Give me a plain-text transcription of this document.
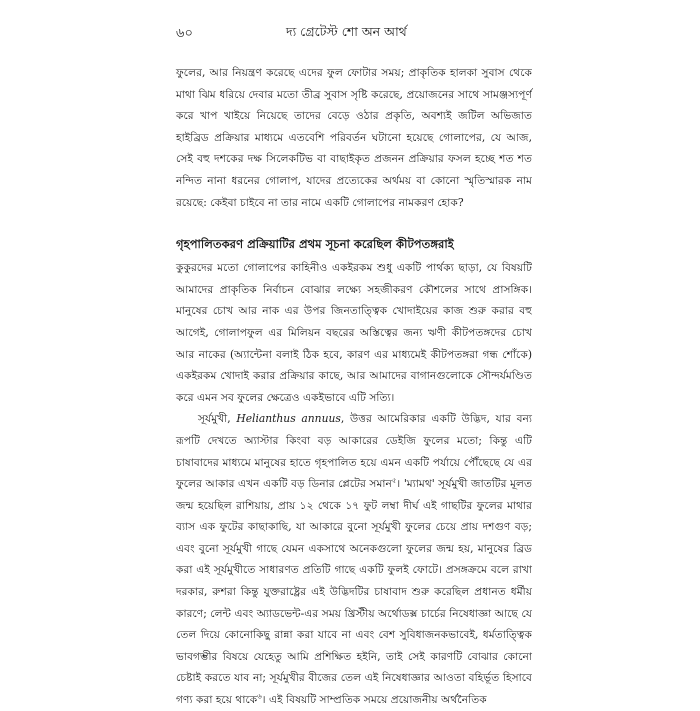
৬০	দ্য গ্রেটেস্ট শো অন আর্থ

ফুলের, আর নিয়ন্ত্রণ করেছে এদের ফুল ফোটার সময়; প্রাকৃতিক হালকা সুবাস থেকে মাথা ঝিম ধরিয়ে দেবার মতো তীব্র সুবাস সৃষ্টি করেছে, প্রয়োজনের সাথে সামঞ্জস্যপূর্ণ করে খাপ খাইয়ে নিয়েছে তাদের বেড়ে ওঠার প্রকৃতি, অবশ্যই জটিল অভিজাত হাইব্রিড প্রক্রিয়ার মাধ্যমে এতবেশি পরিবর্তন ঘটানো হয়েছে গোলাপের, যে আজ, সেই বহু দশকের দক্ষ সিলেকটিভ বা বাছাইকৃত প্রজনন প্রক্রিয়ার ফসল হচ্ছে শত শত নন্দিত নানা ধরনের গোলাপ, যাদের প্রত্যেকের অর্থময় বা কোনো স্মৃতিস্মারক নাম রয়েছে: কেইবা চাইবে না তার নামে একটি গোলাপের নামকরণ হোক?

গৃহপালিতকরণ প্রক্রিয়াটির প্রথম সূচনা করেছিল কীটপতঙ্গরাই

কুকুরদের মতো গোলাপের কাহিনীও একইরকম শুধু একটি পার্থক্য ছাড়া, যে বিষয়টি আমাদের প্রাকৃতিক নির্বাচন বোঝার লক্ষ্যে সহজীকরণ কৌশলের সাথে প্রাসঙ্গিক। মানুষের চোখ আর নাক এর উপর জিনতাত্ত্বিক খোদাইয়ের কাজ শুরু করার বহু আগেই, গোলাপফুল এর মিলিয়ন বছরের অস্তিত্বের জন্য ঋণী কীটপতঙ্গদের চোখ আর নাকের (অ্যান্টেনা বলাই ঠিক হবে, কারণ এর মাধ্যমেই কীটপতঙ্গরা গন্ধ শোঁকে) একইরকম খোদাই করার প্রক্রিয়ার কাছে, আর আমাদের বাগানগুলোকে সৌন্দর্যমণ্ডিত করে এমন সব ফুলের ক্ষেত্রেও একইভাবে এটি সত্যি।

সূর্যমুখী, Helianthus annuus, উত্তর আমেরিকার একটি উদ্ভিদ, যার বন্য রূপটি দেখতে অ্যাস্টার কিংবা বড় আকারের ডেইজি ফুলের মতো; কিন্তু এটি চাষাবাদের মাধ্যমে মানুষের হাতে গৃহপালিত হয়ে এমন একটি পর্যায়ে পৌঁছেছে যে এর ফুলের আকার এখন একটি বড় ডিনার প্লেটের সমান$^৫$। 'ম্যামথ' সূর্যমুখী জাতটির মূলত জন্ম হয়েছিল রাশিয়ায়, প্রায় ১২ থেকে ১৭ ফুট লম্বা দীর্ঘ এই গাছটির ফুলের মাথার ব্যাস এক ফুটের কাছাকাছি, যা আকারে বুনো সূর্যমুখী ফুলের চেয়ে প্রায় দশগুণ বড়; এবং বুনো সূর্যমুখী গাছে যেমন একসাথে অনেকগুলো ফুলের জন্ম হয়, মানুষের ব্রিড করা এই সূর্যমুখীতে সাধারণত প্রতিটি গাছে একটি ফুলই ফোটে। প্রসঙ্গক্রমে বলে রাখা দরকার, রুশরা কিন্তু যুক্তরাষ্ট্রের এই উদ্ভিদটির চাষাবাদ শুরু করেছিল প্রধানত ধর্মীয় কারণে; লেন্ট এবং অ্যাডভেন্ট-এর সময় খ্রিস্টীয় অর্থোডক্স চার্চের নিষেধাজ্ঞা আছে যে তেল দিয়ে কোনোকিছু রান্না করা যাবে না এবং বেশ সুবিধাজনকভাবেই, ধর্মতাত্ত্বিক ভাবগম্ভীর বিষয়ে যেহেতু আমি প্রশিক্ষিত হইনি, তাই সেই কারণটি বোঝার কোনো চেষ্টাই করতে যাব না; সূর্যমুখীর বীজের তেল এই নিষেধাজ্ঞার আওতা বহির্ভূত হিসাবে গণ্য করা হয়ে থাকে$^৬$। এই বিষয়টি সাম্প্রতিক সময়ে প্রয়োজনীয় অর্থনৈতিক
